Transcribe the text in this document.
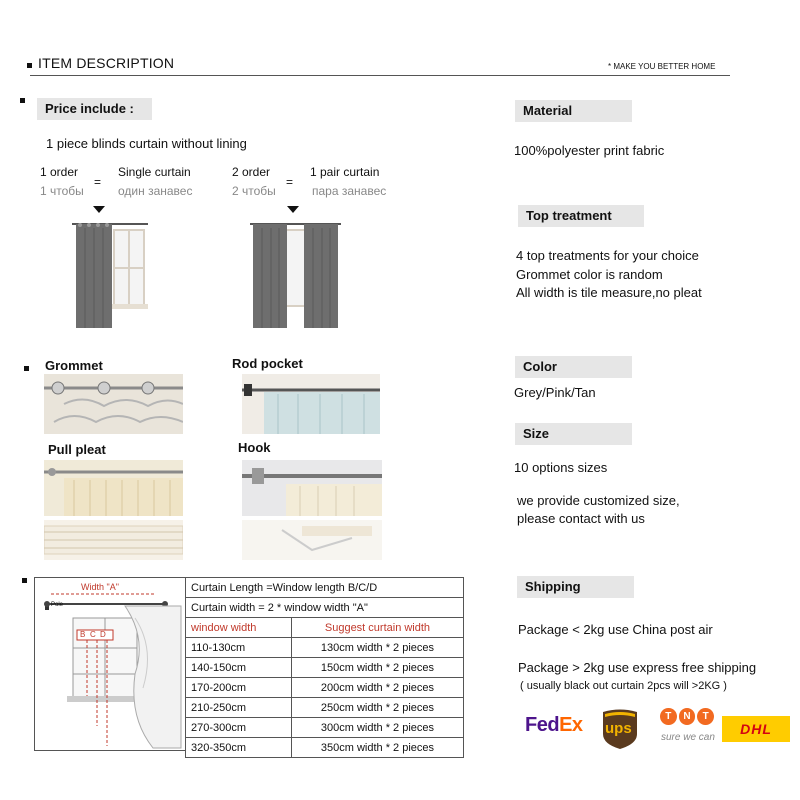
ITEM DESCRIPTION	* MAKE YOU BETTER HOME
Price include :
1 piece blinds curtain without lining
1 order
1 чтобы
=
Single curtain
один занавес
2 order
2 чтобы
=
1 pair curtain
пара занавес
Material
100%polyester print fabric
Top treatment
4 top treatments for your choice
Grommet color is random
All width is tile measure,no pleat
Grommet	Rod pocket
Pull pleat	Hook
Color
Grey/Pink/Tan
Size
10 options sizes
we provide customized size,
please contact with us
Width "A"
Pole
B C D
Curtain Length =Window length B/C/D	
Curtain width = 2 * window width "A"	
window width	Suggest curtain width
110-130cm	130cm width * 2 pieces
140-150cm	150cm width * 2 pieces
170-200cm	200cm width * 2 pieces
210-250cm	250cm width * 2 pieces
270-300cm	300cm width * 2 pieces
320-350cm	350cm width * 2 pieces
Shipping
Package < 2kg use China post air
Package > 2kg use express free shipping
( usually black out curtain 2pcs will >2KG )
FedEx ups
T	N	T
sure we can
DHL
